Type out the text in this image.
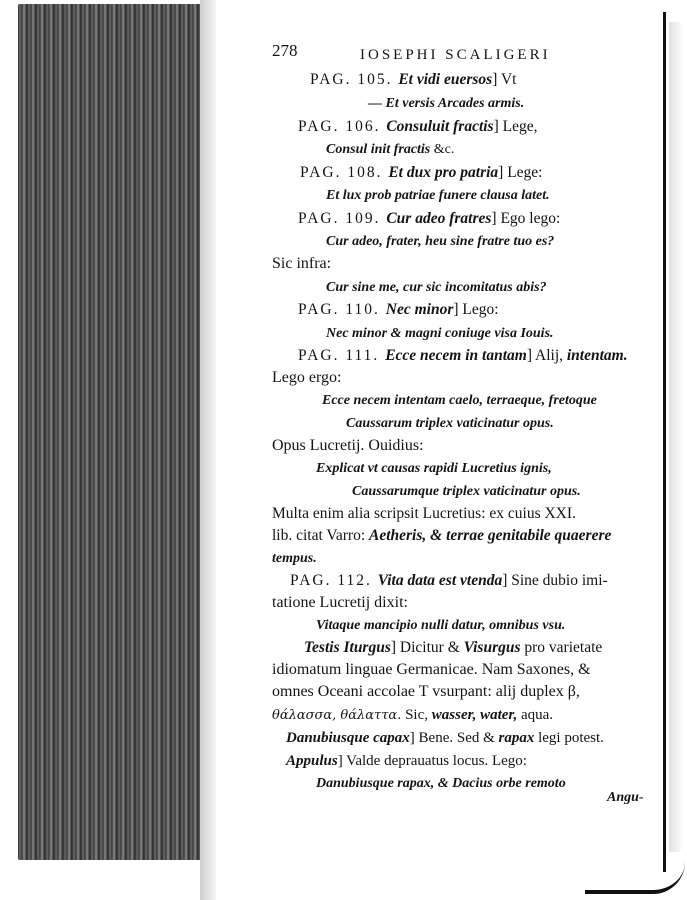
278	IOSEPHI SCALIGERI
PAG. 105. Et vidi euersos] Vt
— Et versis Arcades armis.
PAG. 106. Consuluit fractis] Lege,
Consul init fractis &c.
PAG. 108. Et dux pro patria] Lege:
Et lux prob patriae funere clausa latet.
PAG. 109. Cur adeo fratres] Ego lego:
Cur adeo, frater, heu sine fratre tuo es?
Sic infra:
Cur sine me, cur sic incomitatus abis?
PAG. 110. Nec minor] Lego:
Nec minor & magni coniuge visa Iouis.
PAG. 111. Ecce necem in tantam] Alij, intentam.
Lego ergo:
Ecce necem intentam caelo, terraeque, fretoque
Caussarum triplex vaticinatur opus.
Opus Lucretij. Ouidius:
Explicat vt causas rapidi Lucretius ignis,
Caussarumque triplex vaticinatur opus.
Multa enim alia scripsit Lucretius: ex cuius XXI.
lib. citat Varro: Aetheris, & terrae genitabile quaerere
tempus.
PAG. 112. Vita data est vtenda] Sine dubio imi-
tatione Lucretij dixit:
Vitaque mancipio nulli datur, omnibus vsu.
Testis Iturgus] Dicitur & Visurgus pro varietate
idiomatum linguae Germanicae. Nam Saxones, &
omnes Oceani accolae T vsurpant: alij duplex β,
θάλασσα, θάλαττα. Sic, wasser, water, aqua.
Danubiusque capax] Bene. Sed & rapax legi potest.
Appulus] Valde deprauatus locus. Lego:
Danubiusque rapax, & Dacius orbe remoto
Angu-
